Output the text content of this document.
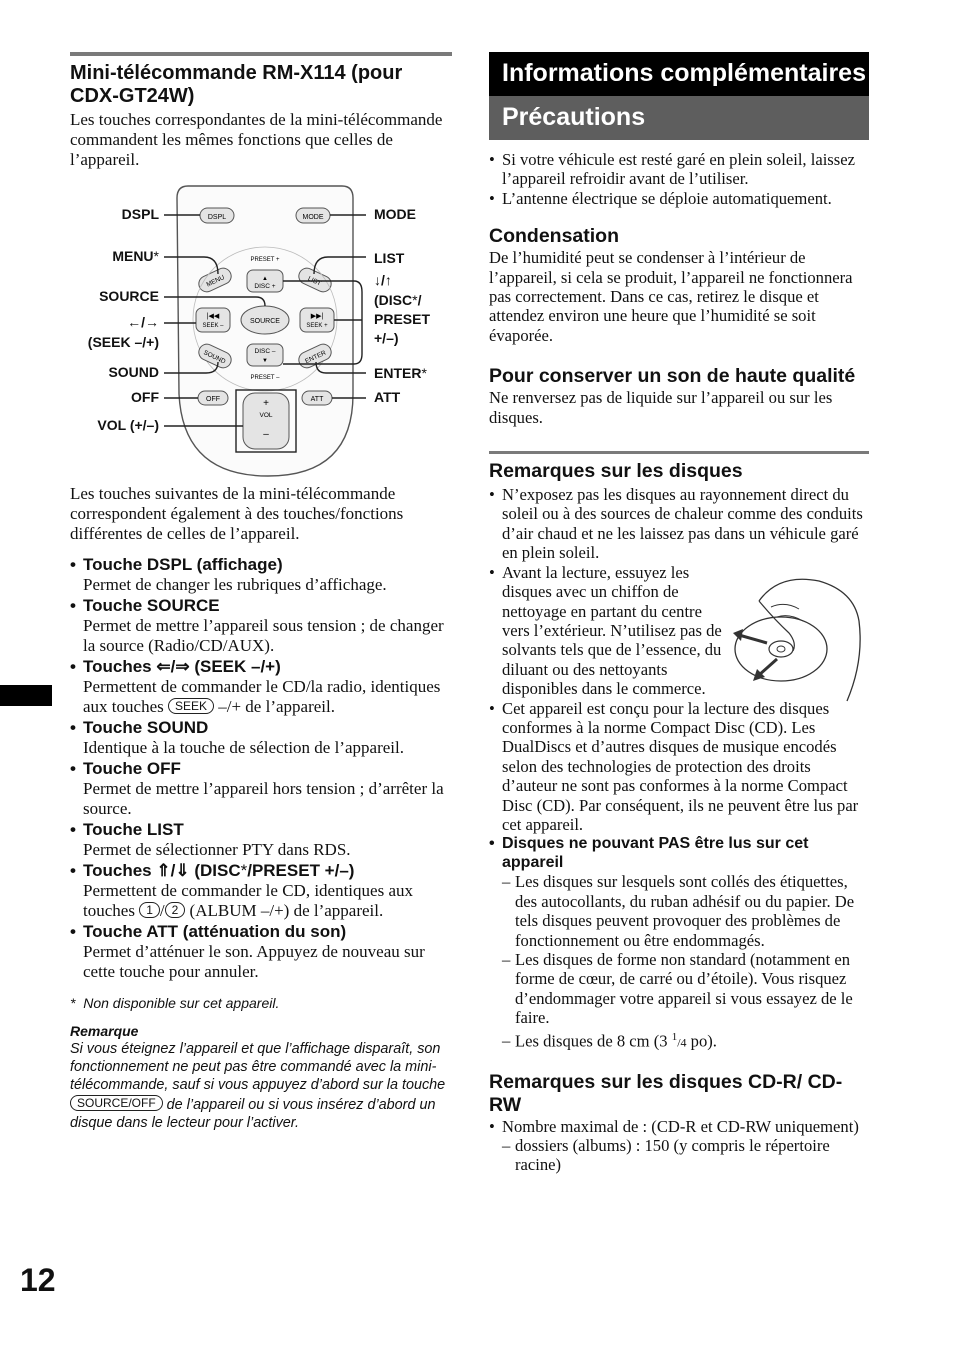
12
Mini-télécommande RM-X114 (pour CDX-GT24W)

Les touches correspondantes de la mini-télécommande commandent les mêmes fonctions que celles de l’appareil.

DSPL	MODE
PRESET +
PRESET –
MENU	LIST
▲
DISC +
DISC –
▼
|◀◀
SEEK –
▶▶|
SEEK +
SOURCE
SOUND	ENTER
OFF	ATT
+
VOL
–
DSPL
MENU*
SOURCE
←/→
(SEEK –/+)
SOUND
OFF
VOL (+/–)
MODE
LIST
↓/↑
(DISC*/
PRESET
+/–)
ENTER*
ATT

Les touches suivantes de la mini-télécommande correspondent également à des touches/fonctions différentes de celles de l’appareil.

• Touche DSPL (affichage)
Permet de changer les rubriques d’affichage.
• Touche SOURCE
Permet de mettre l’appareil sous tension ; de changer la source (Radio/CD/AUX).
• Touches ⇐/⇒ (SEEK –/+)
Permettent de commander le CD/la radio, identiques aux touches SEEK –/+ de l’appareil.
• Touche SOUND
Identique à la touche de sélection de l’appareil.
• Touche OFF
Permet de mettre l’appareil hors tension ; d’arrêter la source.
• Touche LIST
Permet de sélectionner PTY dans RDS.
• Touches ⇑/⇓ (DISC*/PRESET +/–)
Permettent de commander le CD, identiques aux touches 1 / 2 (ALBUM –/+) de l’appareil.
• Touche ATT (atténuation du son)
Permet d’atténuer le son. Appuyez de nouveau sur cette touche pour annuler.
* Non disponible sur cet appareil.
Remarque
Si vous éteignez l’appareil et que l’affichage disparaît, son fonctionnement ne peut pas être commandé avec la mini-télécommande, sauf si vous appuyez d’abord sur la touche SOURCE/OFF de l’appareil ou si vous insérez d’abord un disque dans le lecteur pour l’activer.
Informations complémentaires
Précautions
• Si votre véhicule est resté garé en plein soleil, laissez l’appareil refroidir avant de l’utiliser.
• L’antenne électrique se déploie automatiquement.
Condensation

De l’humidité peut se condenser à l’intérieur de l’appareil, si cela se produit, l’appareil ne fonctionnera pas correctement. Dans ce cas, retirez le disque et attendez environ une heure que l’humidité se soit évaporée.

Pour conserver un son de haute qualité

Ne renversez pas de liquide sur l’appareil ou sur les disques.

Remarques sur les disques
• N’exposez pas les disques au rayonnement direct du soleil ou à des sources de chaleur comme des conduits d’air chaud et ne les laissez pas dans un véhicule garé en plein soleil.
• Avant la lecture, essuyez les disques avec un chiffon de nettoyage en partant du centre vers l’extérieur. N’utilisez pas de solvants tels que de l’essence, du diluant ou des nettoyants disponibles dans le commerce.
• Cet appareil est conçu pour la lecture des disques conformes à la norme Compact Disc (CD). Les DualDiscs et d’autres disques de musique encodés selon des technologies de protection des droits d’auteur ne sont pas conformes à la norme Compact Disc (CD). Par conséquent, ils ne peuvent être lus par cet appareil.
• Disques ne pouvant PAS être lus sur cet appareil
– Les disques sur lesquels sont collés des étiquettes, des autocollants, du ruban adhésif ou du papier. De tels disques peuvent provoquer des problèmes de fonctionnement ou être endommagés.
– Les disques de forme non standard (notamment en forme de cœur, de carré ou d’étoile). Vous risquez d’endommager votre appareil si vous essayez de le faire.
– Les disques de 8 cm (3 $^1$/4 po).
Remarques sur les disques CD-R/ CD-RW
• Nombre maximal de : (CD-R et CD-RW uniquement)
– dossiers (albums) : 150 (y compris le répertoire racine)
